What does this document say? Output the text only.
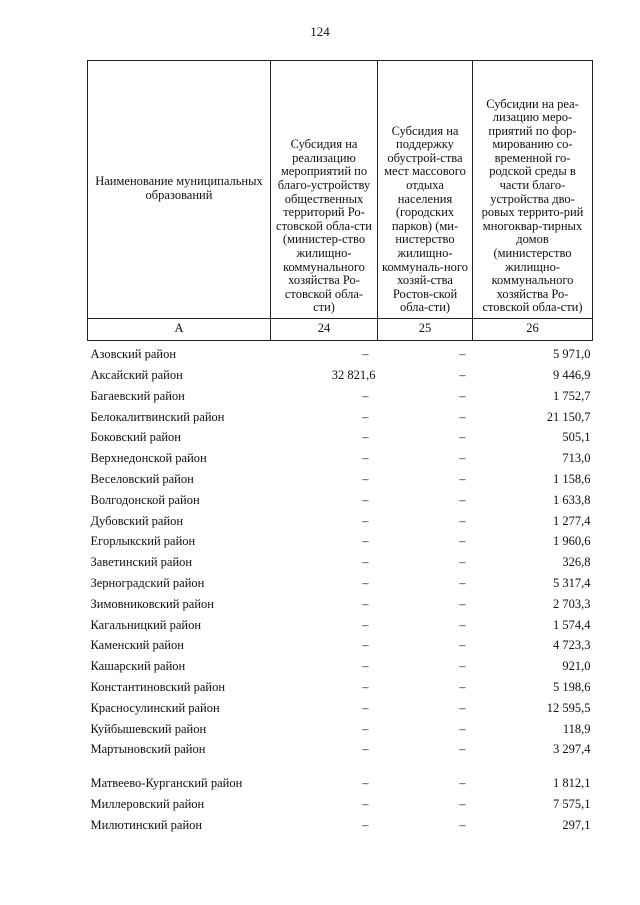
124
Наименование муниципальных образований	Субсидия на реализацию мероприятий по благо-устройству общественных территорий Ро-стовской обла-сти (министер-ство жилищно-коммунального хозяйства Ро-стовской обла-сти)	Субсидия на поддержку обустрой-ства мест массового отдыха населения (городских парков) (ми-нистерство жилищно-коммуналь-ного хозяй-ства Ростов-ской обла-сти)	Субсидии на реа-лизацию меро-приятий по фор-мированию со-временной го-родской среды в части благо-устройства дво-ровых террито-рий многоквар-тирных домов (министерство жилищно-коммунального хозяйства Ро-стовской обла-сти)
А	24	25	26
Азовский район	–	–	5 971,0
Аксайский район	32 821,6	–	9 446,9
Багаевский район	–	–	1 752,7
Белокалитвинский район	–	–	21 150,7
Боковский район	–	–	505,1
Верхнедонской район	–	–	713,0
Веселовский район	–	–	1 158,6
Волгодонской район	–	–	1 633,8
Дубовский район	–	–	1 277,4
Егорлыкский район	–	–	1 960,6
Заветинский район	–	–	326,8
Зерноградский район	–	–	5 317,4
Зимовниковский район	–	–	2 703,3
Кагальницкий район	–	–	1 574,4
Каменский район	–	–	4 723,3
Кашарский район	–	–	921,0
Константиновский район	–	–	5 198,6
Красносулинский район	–	–	12 595,5
Куйбышевский район	–	–	118,9
Мартыновский район	–	–	3 297,4
Матвеево-Курганский район	–	–	1 812,1
Миллеровский район	–	–	7 575,1
Милютинский район	–	–	297,1
